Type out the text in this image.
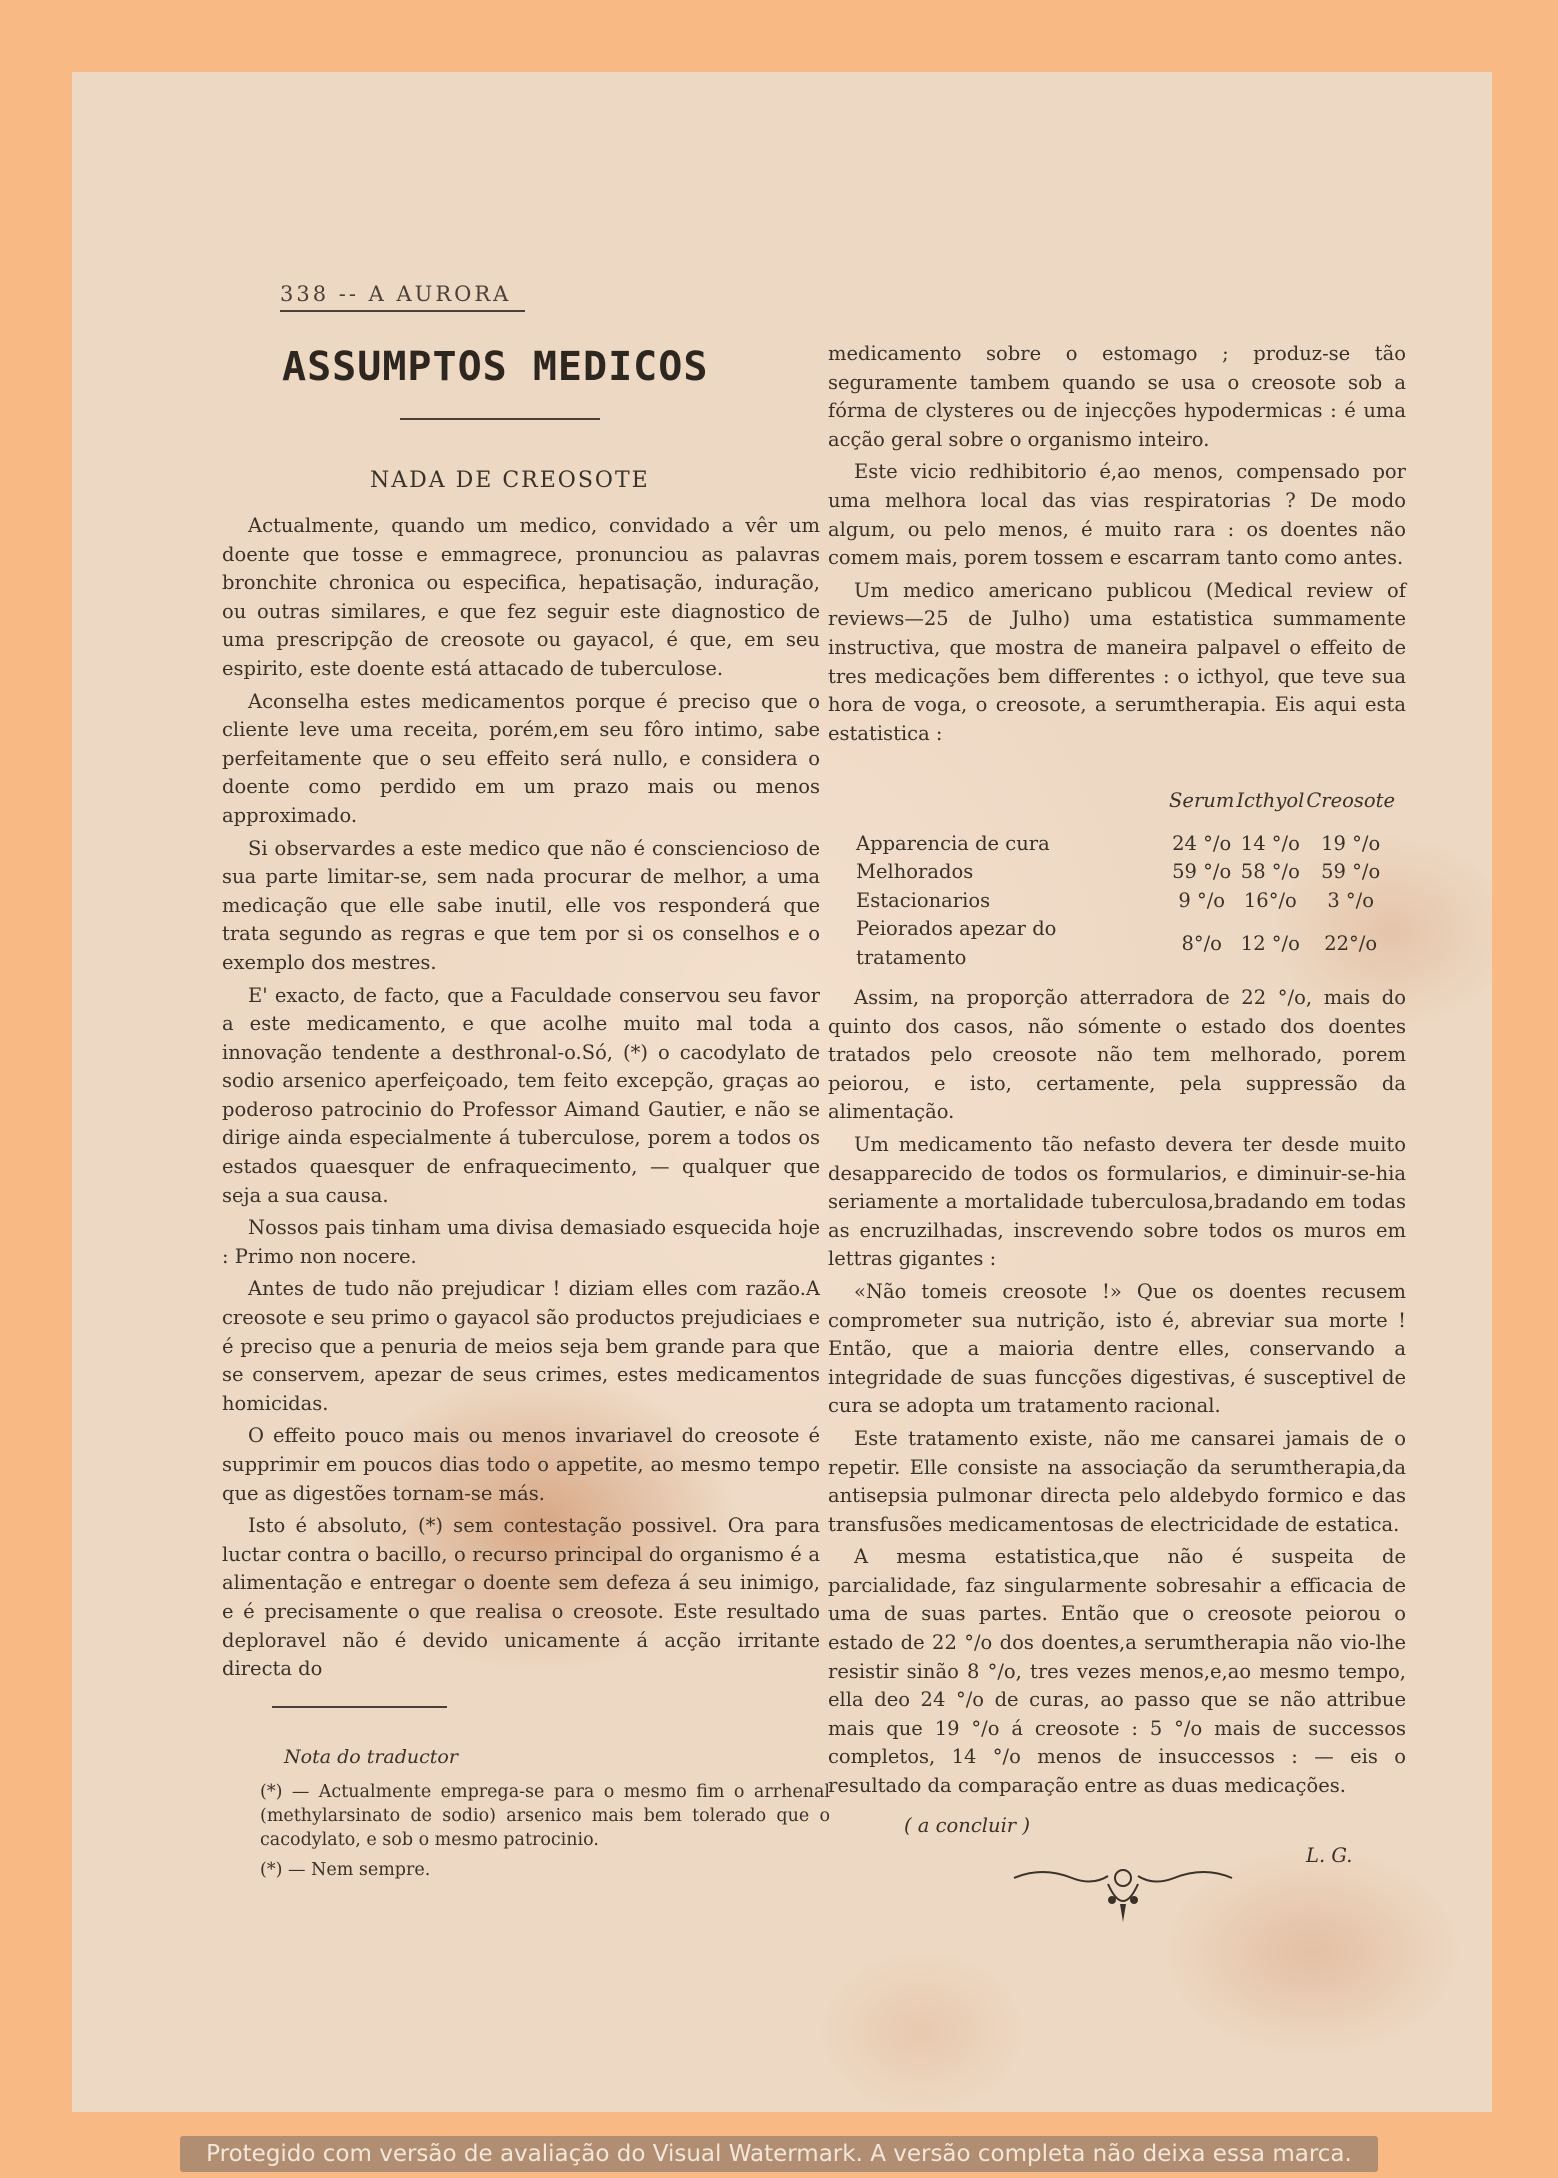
338 -- A AURORA
ASSUMPTOS MEDICOS
NADA DE CREOSOTE

Actualmente, quando um medico, convidado a vêr um doente que tosse e emmagrece, pronunciou as palavras bronchite chronica ou especifica, hepatisação, induração, ou outras similares, e que fez seguir este diagnostico de uma prescripção de creosote ou gayacol, é que, em seu espirito, este doente está attacado de tuberculose.

Aconselha estes medicamentos porque é preciso que o cliente leve uma receita, porém,em seu fôro intimo, sabe perfeitamente que o seu effeito será nullo, e considera o doente como perdido em um prazo mais ou menos approximado.

Si observardes a este medico que não é consciencioso de sua parte limitar-se, sem nada procurar de melhor, a uma medicação que elle sabe inutil, elle vos responderá que trata segundo as regras e que tem por si os conselhos e o exemplo dos mestres.

E' exacto, de facto, que a Faculdade conservou seu favor a este medicamento, e que acolhe muito mal toda a innovação tendente a desthronal-o.Só, (*) o cacodylato de sodio arsenico aperfeiçoado, tem feito excepção, graças ao poderoso patrocinio do Professor Aimand Gautier, e não se dirige ainda especialmente á tuberculose, porem a todos os estados quaesquer de enfraquecimento, — qualquer que seja a sua causa.

Nossos pais tinham uma divisa demasiado esquecida hoje : Primo non nocere.

Antes de tudo não prejudicar ! diziam elles com razão.A creosote e seu primo o gayacol são productos prejudiciaes e é preciso que a penuria de meios seja bem grande para que se conservem, apezar de seus crimes, estes medicamentos homicidas.

O effeito pouco mais ou menos invariavel do creosote é supprimir em poucos dias todo o appetite, ao mesmo tempo que as digestões tornam-se más.

Isto é absoluto, (*) sem contestação possivel. Ora para luctar contra o bacillo, o recurso principal do organismo é a alimentação e entregar o doente sem defeza á seu inimigo, e é precisamente o que realisa o creosote. Este resultado deploravel não é devido unicamente á acção irritante directa do

Nota do traductor

(*) — Actualmente emprega-se para o mesmo fim o arrhenal (methylarsinato de sodio) arsenico mais bem tolerado que o cacodylato, e sob o mesmo patrocinio.

(*) — Nem sempre.

medicamento sobre o estomago ; produz-se tão seguramente tambem quando se usa o creosote sob a fórma de clysteres ou de injecções hypodermicas : é uma acção geral sobre o organismo inteiro.

Este vicio redhibitorio é,ao menos, compensado por uma melhora local das vias respiratorias ? De modo algum, ou pelo menos, é muito rara : os doentes não comem mais, porem tossem e escarram tanto como antes.

Um medico americano publicou (Medical review of reviews—25 de Julho) uma estatistica summamente instructiva, que mostra de maneira palpavel o effeito de tres medicações bem differentes : o icthyol, que teve sua hora de voga, o creosote, a serumtherapia. Eis aqui esta estatistica :

	Serum	Icthyol	Creosote
Apparencia de cura	24 °/o	14 °/o	19 °/o
Melhorados	59 °/o	58 °/o	59 °/o
Estacionarios	9 °/o	16°/o	3 °/o
Peiorados apezar do tratamento	8°/o	12 °/o	22°/o

Assim, na proporção atterradora de 22 °/o, mais do quinto dos casos, não sómente o estado dos doentes tratados pelo creosote não tem melhorado, porem peiorou, e isto, certamente, pela suppressão da alimentação.

Um medicamento tão nefasto devera ter desde muito desapparecido de todos os formularios, e diminuir-se-hia seriamente a mortalidade tuberculosa,bradando em todas as encruzilhadas, inscrevendo sobre todos os muros em lettras gigantes :

«Não tomeis creosote !» Que os doentes recusem comprometer sua nutrição, isto é, abreviar sua morte ! Então, que a maioria dentre elles, conservando a integridade de suas funcções digestivas, é susceptivel de cura se adopta um tratamento racional.

Este tratamento existe, não me cansarei jamais de o repetir. Elle consiste na associação da serumtherapia,da antisepsia pulmonar directa pelo aldebydo formico e das transfusões medicamentosas de electricidade de estatica.

A mesma estatistica,que não é suspeita de parcialidade, faz singularmente sobresahir a efficacia de uma de suas partes. Então que o creosote peiorou o estado de 22 °/o dos doentes,a serumtherapia não vio-lhe resistir sinão 8 °/o, tres vezes menos,e,ao mesmo tempo, ella deo 24 °/o de curas, ao passo que se não attribue mais que 19 °/o á creosote : 5 °/o mais de successos completos, 14 °/o menos de insuccessos : — eis o resultado da comparação entre as duas medicações.

( a concluir )
L. G.
Protegido com versão de avaliação do Visual Watermark. A versão completa não deixa essa marca.
